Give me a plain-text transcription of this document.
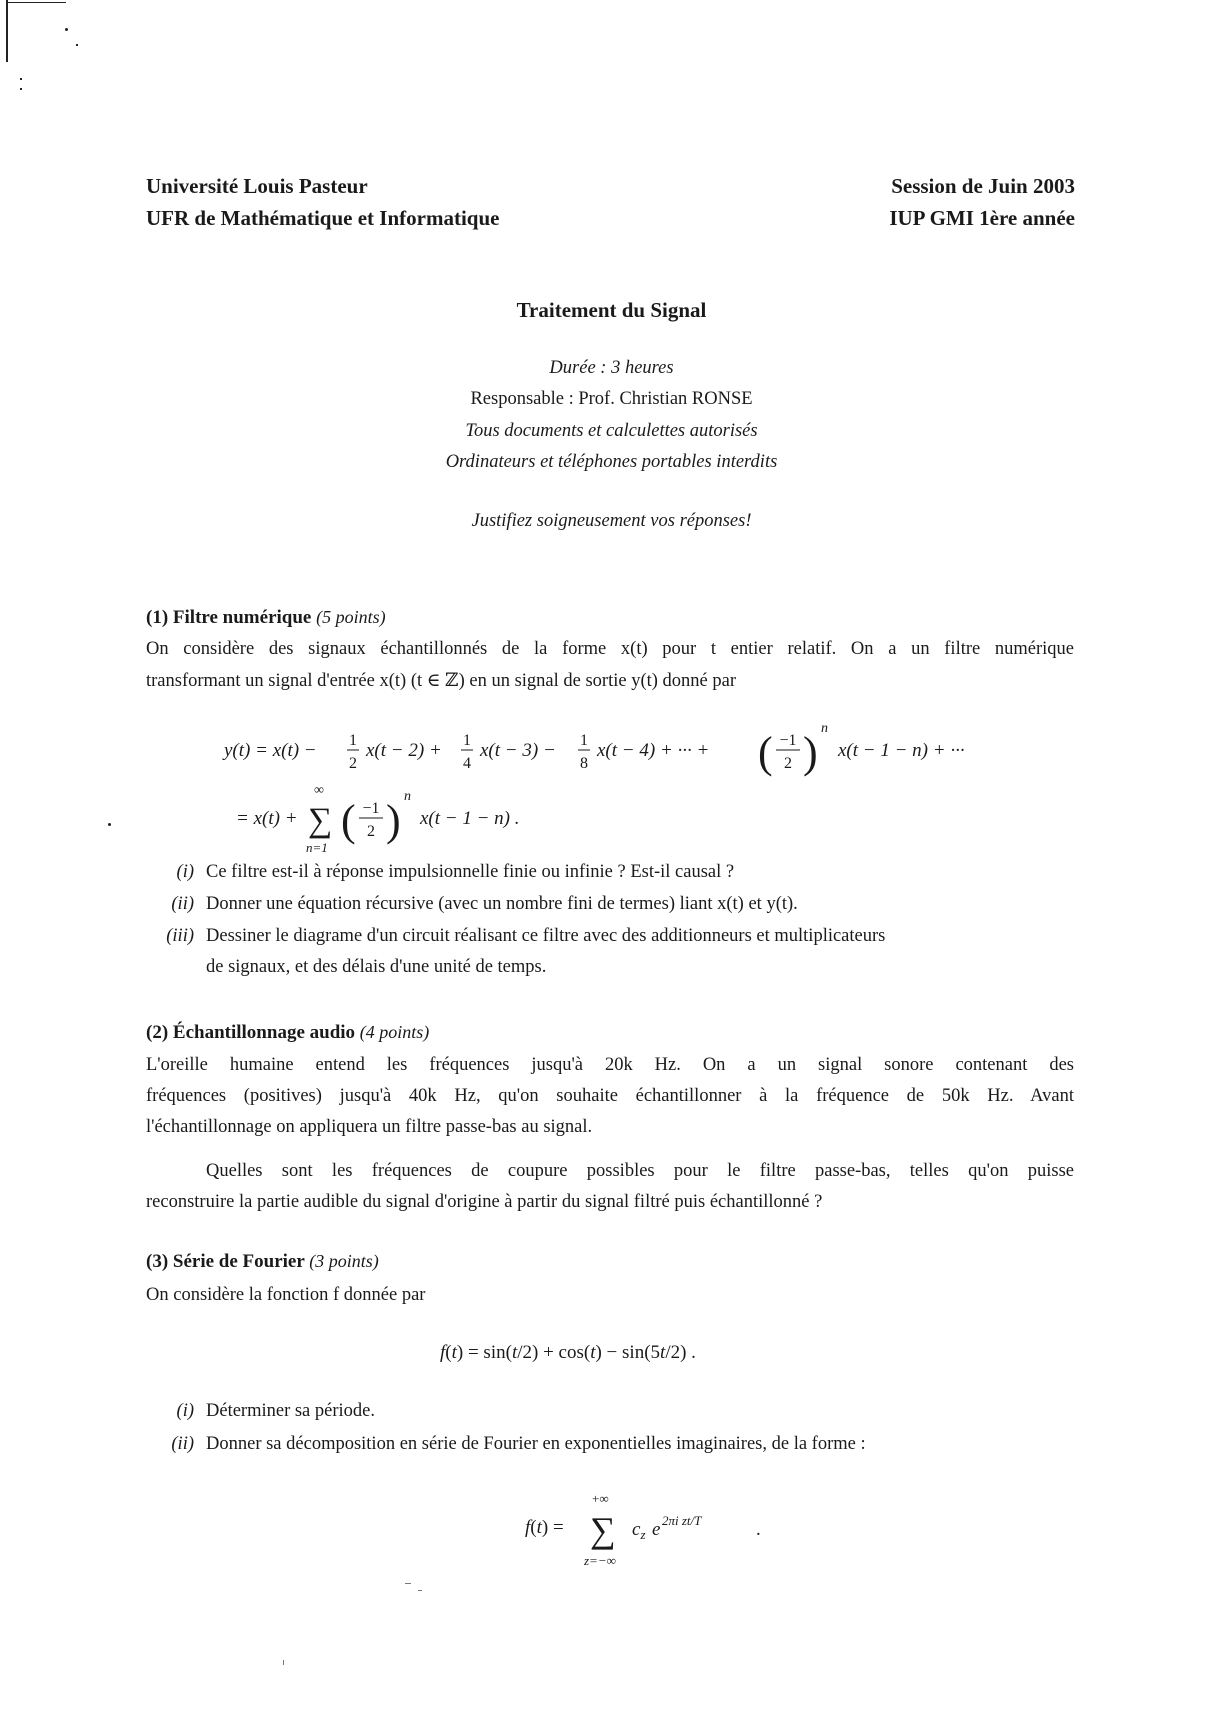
Université Louis Pasteur
UFR de Mathématique et Informatique
Session de Juin 2003
IUP GMI 1ère année
Traitement du Signal
Durée : 3 heures
Responsable : Prof. Christian RONSE
Tous documents et calculettes autorisés
Ordinateurs et téléphones portables interdits
Justifiez soigneusement vos réponses!
(1) Filtre numérique (5 points)
On considère des signaux échantillonnés de la forme x(t) pour t entier relatif. On a un filtre numérique
transformant un signal d'entrée x(t) (t ∈ ℤ) en un signal de sortie y(t) donné par
y(t) = x(t) − 1
2
x(t − 2) + 1
4
x(t − 3) − 1
8
x(t − 4) + ··· + ( −1
2 ) n
x(t − 1 − n) + ···
= x(t) +
∞
∑
n=1
( −1
2 ) n
x(t − 1 − n) .
(i) Ce filtre est-il à réponse impulsionnelle finie ou infinie ? Est-il causal ?
(ii) Donner une équation récursive (avec un nombre fini de termes) liant x(t) et y(t).
(iii) Dessiner le diagrame d'un circuit réalisant ce filtre avec des additionneurs et multiplicateurs
de signaux, et des délais d'une unité de temps.
(2) Échantillonnage audio (4 points)
L'oreille humaine entend les fréquences jusqu'à 20k Hz. On a un signal sonore contenant des
fréquences (positives) jusqu'à 40k Hz, qu'on souhaite échantillonner à la fréquence de 50k Hz. Avant
l'échantillonnage on appliquera un filtre passe-bas au signal.
Quelles sont les fréquences de coupure possibles pour le filtre passe-bas, telles qu'on puisse
reconstruire la partie audible du signal d'origine à partir du signal filtré puis échantillonné ?
(3) Série de Fourier (3 points)
On considère la fonction f donnée par
f(t) = sin(t/2) + cos(t) − sin(5t/2) .
(i) Déterminer sa période.
(ii) Donner sa décomposition en série de Fourier en exponentielles imaginaires, de la forme :
f(t) =
+∞
∑
z=−∞
$c_z$ e 2πi zt/T	.
